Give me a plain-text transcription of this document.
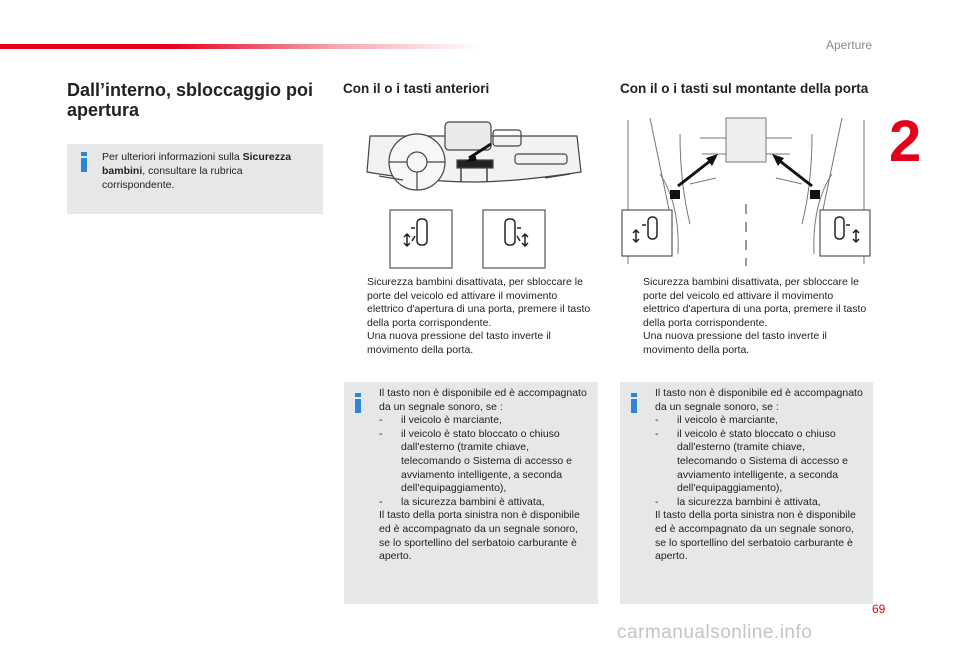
Aperture
2
Dall’interno, sbloccaggio poi apertura
Per ulteriori informazioni sulla Sicurezza bambini, consultare la rubrica corrispondente.
Con il o i tasti anteriori
Sicurezza bambini disattivata, per sbloccare le porte del veicolo ed attivare il movimento elettrico d'apertura di una porta, premere il tasto della porta corrispondente.
Una nuova pressione del tasto inverte il movimento della porta.
Il tasto non è disponibile ed è accompagnato da un segnale sonoro, se :
- il veicolo è marciante,
- il veicolo è stato bloccato o chiuso dall'esterno (tramite chiave, telecomando o Sistema di accesso e avviamento intelligente, a seconda dell'equipaggiamento),
- la sicurezza bambini è attivata,
Il tasto della porta sinistra non è disponibile ed è accompagnato da un segnale sonoro, se lo sportellino del serbatoio carburante è aperto.
Con il o i tasti sul montante della porta
Sicurezza bambini disattivata, per sbloccare le porte del veicolo ed attivare il movimento elettrico d'apertura di una porta, premere il tasto della porta corrispondente.
Una nuova pressione del tasto inverte il movimento della porta.
Il tasto non è disponibile ed è accompagnato da un segnale sonoro, se :
- il veicolo è marciante,
- il veicolo è stato bloccato o chiuso dall'esterno (tramite chiave, telecomando o Sistema di accesso e avviamento intelligente, a seconda dell'equipaggiamento),
- la sicurezza bambini è attivata,
Il tasto della porta sinistra non è disponibile ed è accompagnato da un segnale sonoro, se lo sportellino del serbatoio carburante è aperto.
69
carmanualsonline.info
